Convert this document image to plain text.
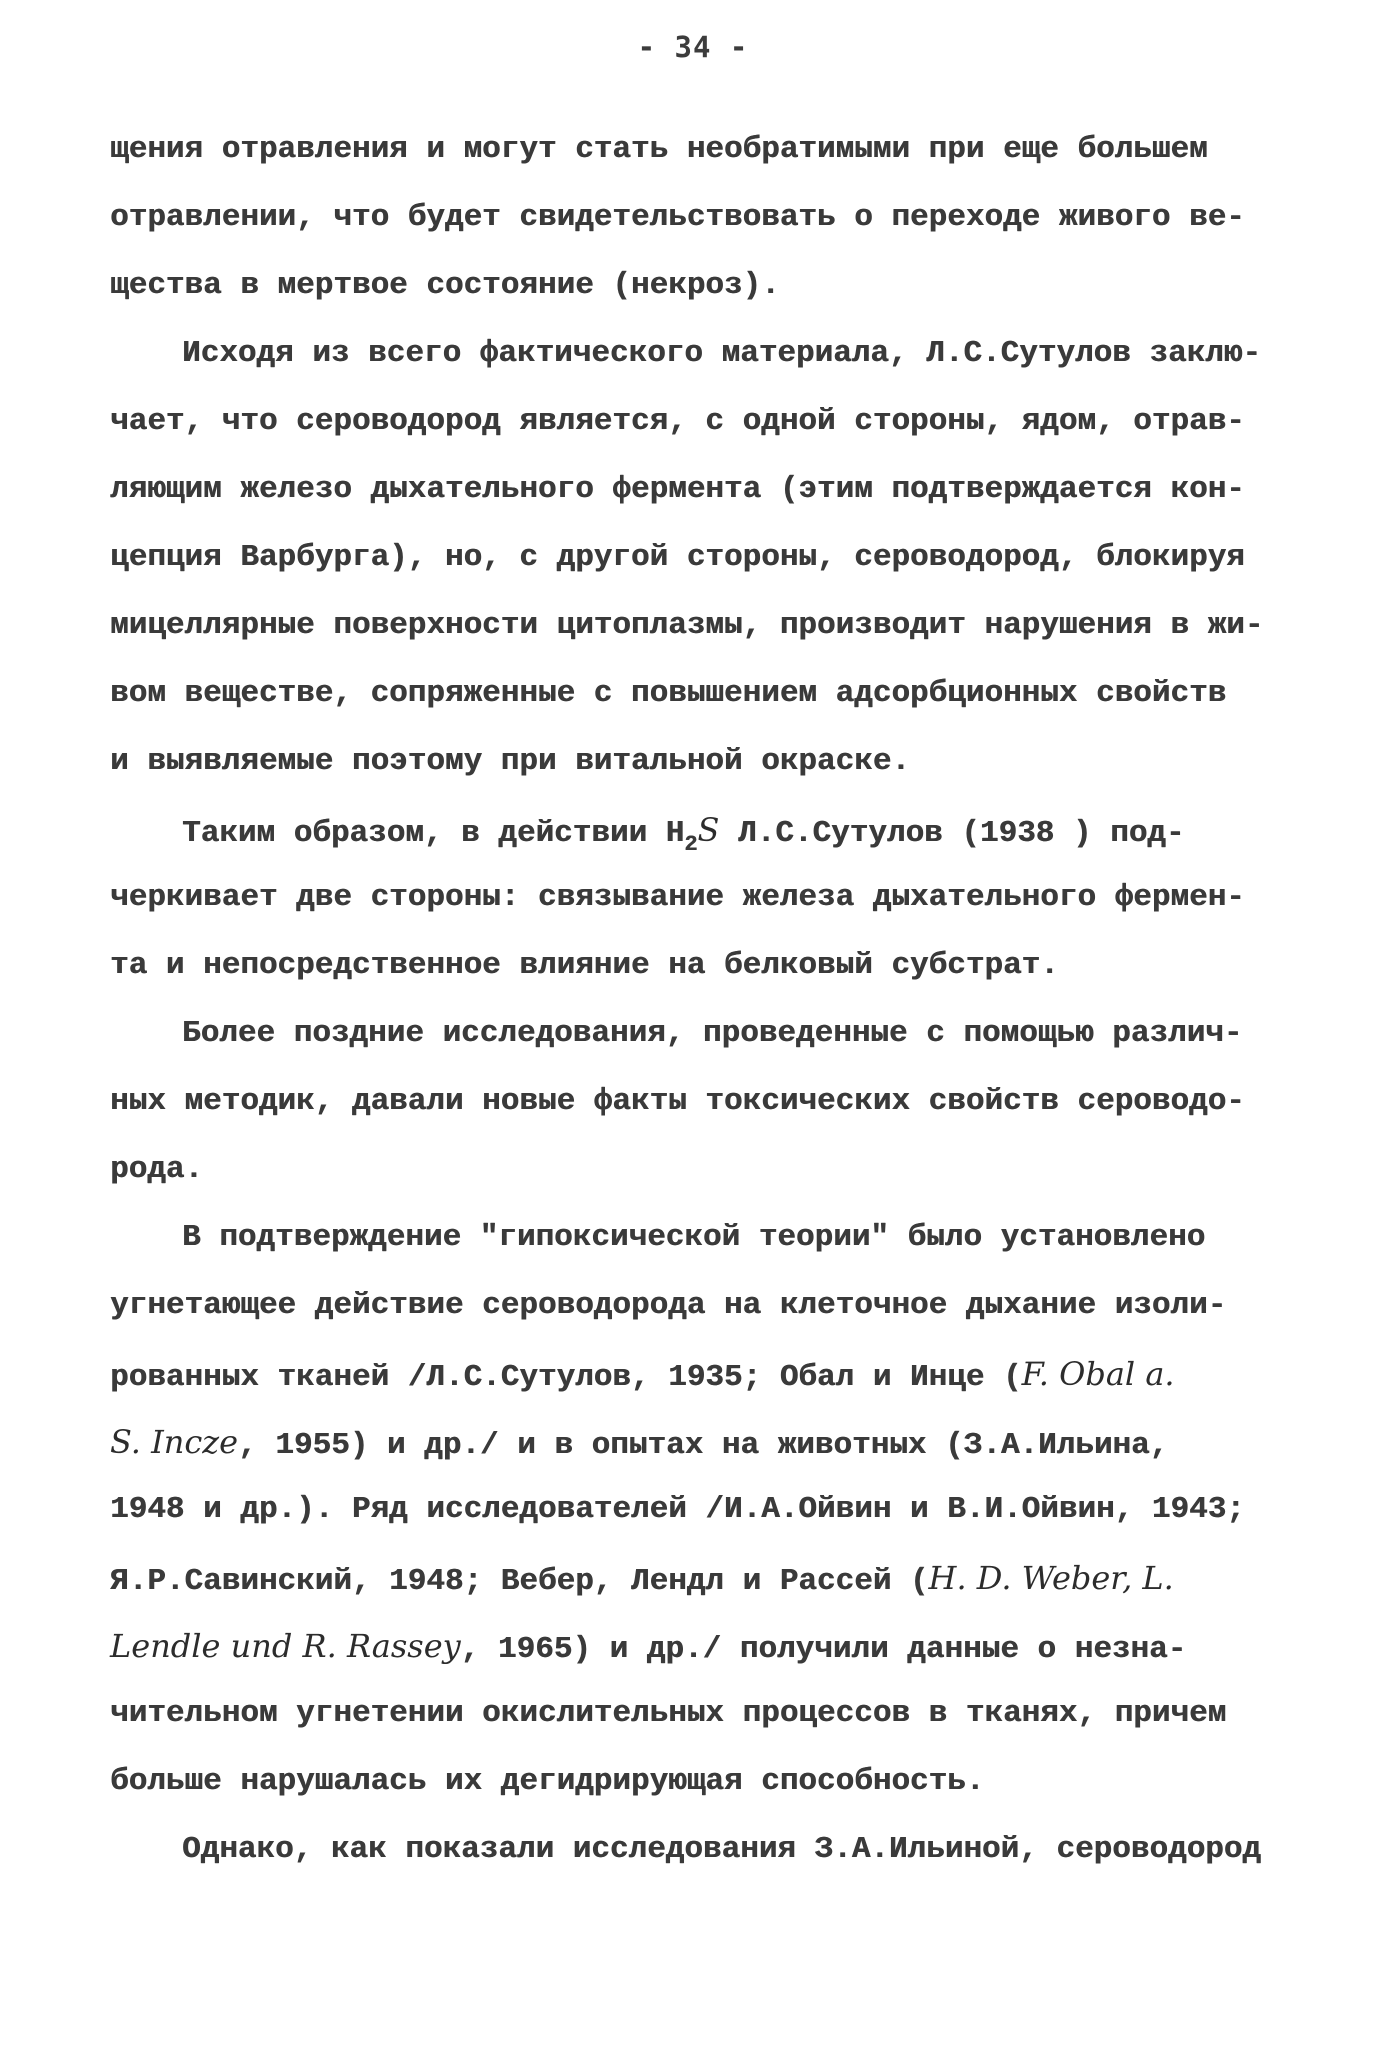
- 34 -
щения отравления и могут стать необратимыми при еще большем
отравлении, что будет свидетельствовать о переходе живого ве-
щества в мертвое состояние (некроз).
Исходя из всего фактического материала, Л.С.Сутулов заклю-
чает, что сероводород является, с одной стороны, ядом, отрав-
ляющим железо дыхательного фермента (этим подтверждается кон-
цепция Варбурга), но, с другой стороны, сероводород, блокируя
мицеллярные поверхности цитоплазмы, производит нарушения в жи-
вом веществе, сопряженные с повышением адсорбционных свойств
и выявляемые поэтому при витальной окраске.
Таким образом, в действии $H_2S$ Л.С.Сутулов (1938 ) под-
черкивает две стороны: связывание железа дыхательного фермен-
та и непосредственное влияние на белковый субстрат.
Более поздние исследования, проведенные с помощью различ-
ных методик, давали новые факты токсических свойств сероводо-
рода.
В подтверждение "гипоксической теории" было установлено
угнетающее действие сероводорода на клеточное дыхание изоли-
рованных тканей /Л.С.Сутулов, 1935; Обал и Инце (F. Obal a.
S. Incze, 1955) и др./ и в опытах на животных (З.А.Ильина,
1948 и др.). Ряд исследователей /И.А.Ойвин и В.И.Ойвин, 1943;
Я.Р.Савинский, 1948; Вебер, Лендл и Рассей (H. D. Weber, L.
Lendle und R. Rassey, 1965) и др./ получили данные о незна-
чительном угнетении окислительных процессов в тканях, причем
больше нарушалась их дегидрирующая способность.
Однако, как показали исследования З.А.Ильиной, сероводород
